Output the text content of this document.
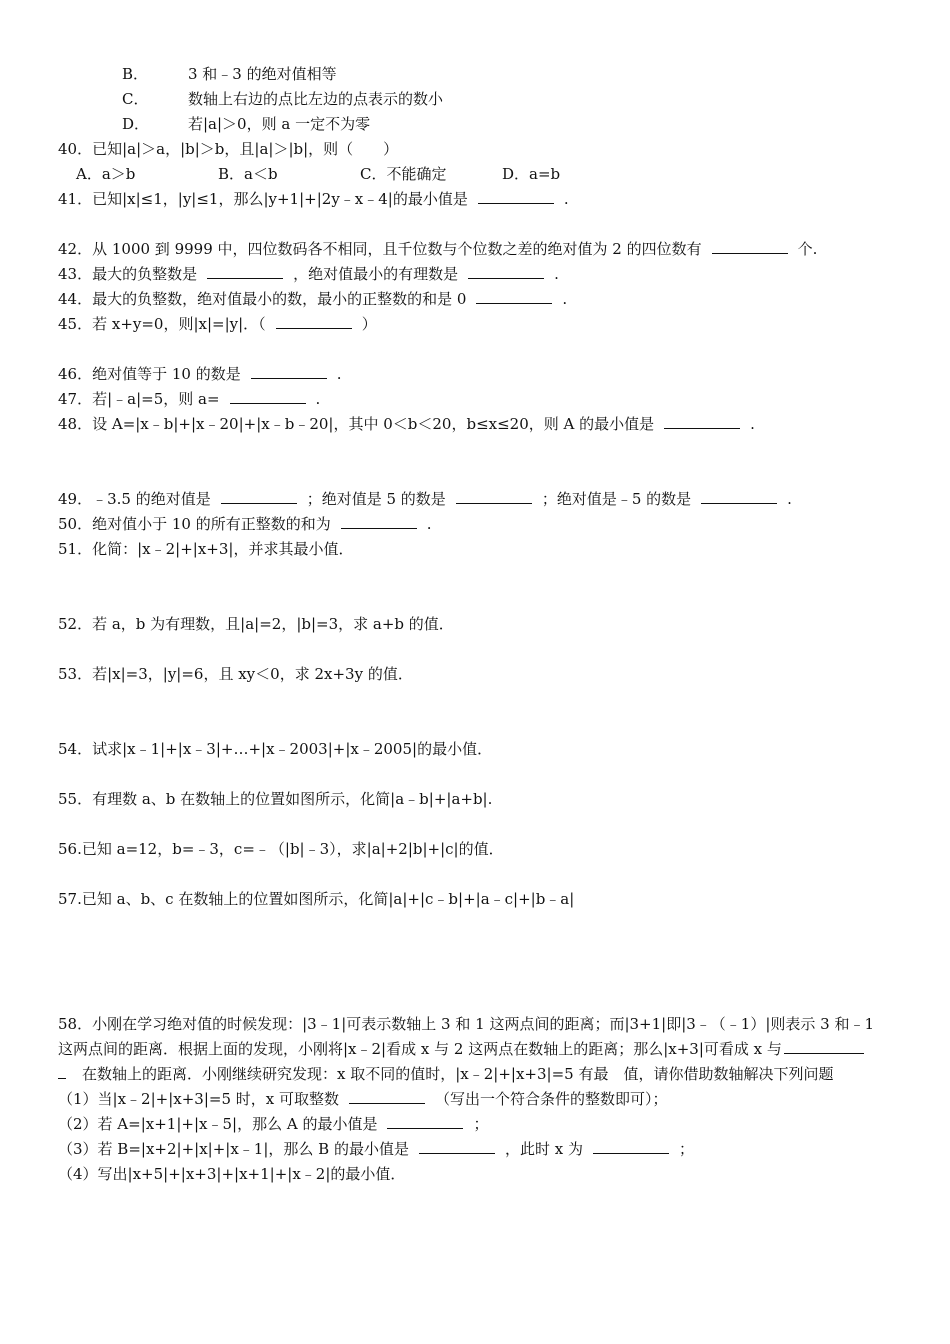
B．	3 和﹣3 的绝对值相等
C．	数轴上右边的点比左边的点表示的数小
D．	若|a|＞0，则 a 一定不为零
40．已知|a|＞a，|b|＞b，且|a|＞|b|，则（　　）
A．a＞b	B．a＜b	C．不能确定	D．a=b
41．已知|x|≤1，|y|≤1，那么|y+1|+|2y﹣x﹣4|的最小值是	.
42．从 1000 到 9999 中，四位数码各不相同，且千位数与个位数之差的绝对值为 2 的四位数有	个.
43．最大的负整数是	，绝对值最小的有理数是	.
44．最大的负整数，绝对值最小的数，最小的正整数的和是 0	.
45．若 x+y=0，则|x|=|y|．（	）
46．绝对值等于 10 的数是	.
47．若|﹣a|=5，则 a=	.
48．设 A=|x﹣b|+|x﹣20|+|x﹣b﹣20|，其中 0＜b＜20，b≤x≤20，则 A 的最小值是	.
49．﹣3.5 的绝对值是	；绝对值是 5 的数是	；绝对值是﹣5 的数是	.
50．绝对值小于 10 的所有正整数的和为	.
51．化简：|x﹣2|+|x+3|，并求其最小值．
52．若 a，b 为有理数，且|a|=2，|b|=3，求 a+b 的值．
53．若|x|=3，|y|=6，且 xy＜0，求 2x+3y 的值．
54．试求|x﹣1|+|x﹣3|+…+|x﹣2003|+|x﹣2005|的最小值．
55．有理数 a、b 在数轴上的位置如图所示，化简|a﹣b|+|a+b|.
56.已知 a=12，b=﹣3，c=﹣（|b|﹣3），求|a|+2|b|+|c|的值．
57.已知 a、b、c 在数轴上的位置如图所示，化简|a|+|c﹣b|+|a﹣c|+|b﹣a|
58．小刚在学习绝对值的时候发现：|3﹣1|可表示数轴上 3 和 1 这两点间的距离；而|3+1|即|3﹣（﹣1）|则表示 3 和﹣1
这两点间的距离．根据上面的发现，小刚将|x﹣2|看成 x 与 2 这两点在数轴上的距离；那么|x+3|可看成 x 与
在数轴上的距离．小刚继续研究发现：x 取不同的值时，|x﹣2|+|x+3|=5 有最　值，请你借助数轴解决下列问题
（1）当|x﹣2|+|x+3|=5 时，x 可取整数	（写出一个符合条件的整数即可）；
（2）若 A=|x+1|+|x﹣5|，那么 A 的最小值是	；
（3）若 B=|x+2|+|x|+|x﹣1|，那么 B 的最小值是	，此时 x 为	；
（4）写出|x+5|+|x+3|+|x+1|+|x﹣2|的最小值．
